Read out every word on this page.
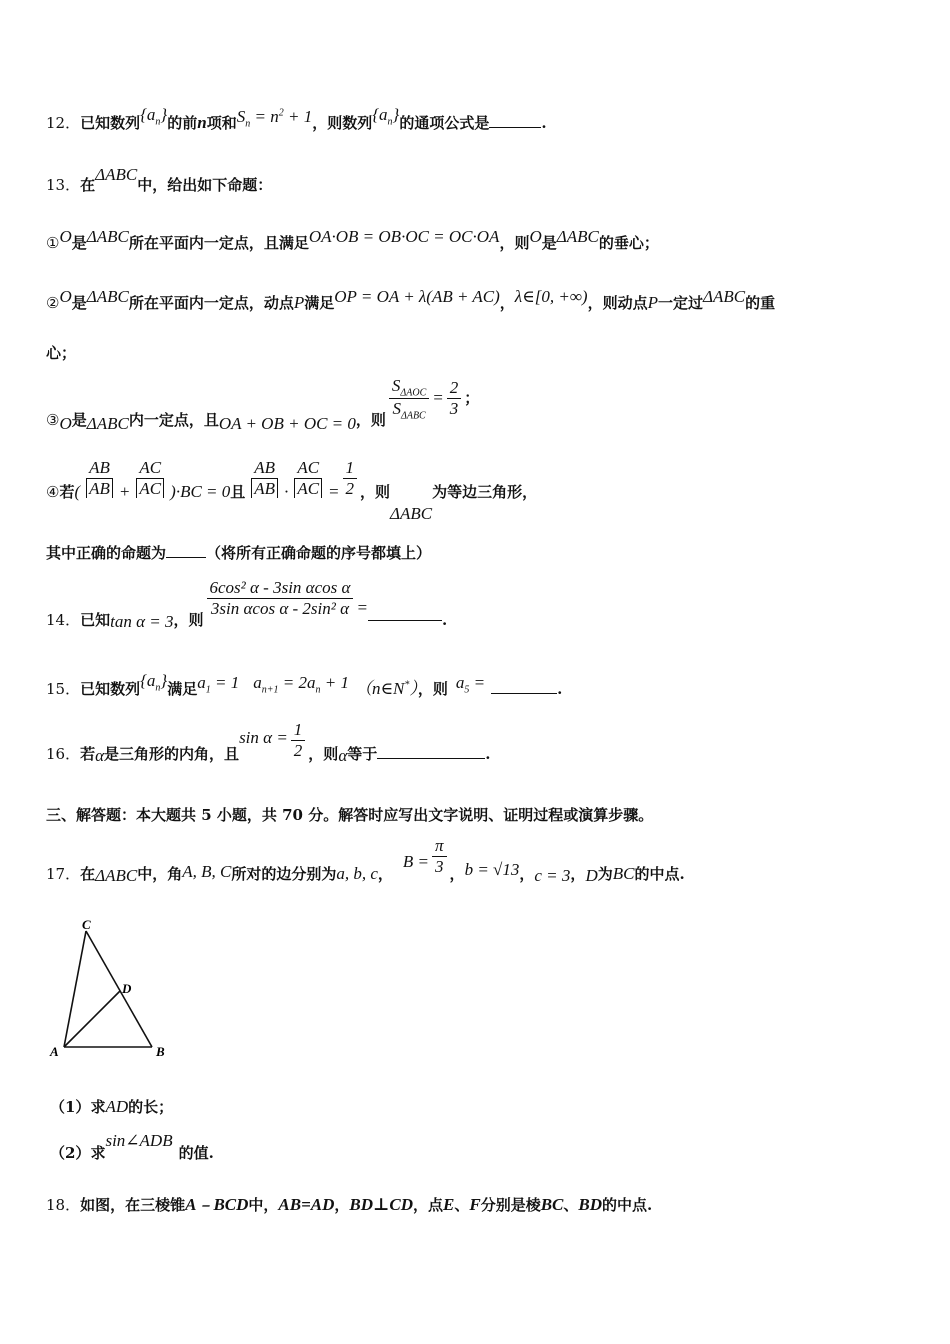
12．已知数列$\{a_n\}$的前n项和$S_n = n^2 + 1$，则数列$\{a_n\}$的通项公式是	.
13．在ΔABC中，给出如下命题：
①O是ΔABC所在平面内一定点，且满足OA·OB = OB·OC = OC·OA，则O是ΔABC的垂心；
②O是ΔABC所在平面内一定点，动点P满足OP = OA + λ(AB + AC)，λ∈[0, +∞)，则动点P一定过ΔABC的重
心；
③O是ΔABC内一定点，且OA + OB + OC = 0，则 $\frac{S_{\Delta AOC}}{S_{\Delta ABC}} = \frac{2}{3}$ ；
④若( $\frac{AB}{AB} + \frac{AC}{AC} )\cdot BC = 0$且 $\frac{AB}{AB} \cdot \frac{AC}{AC} = \frac{1}{2}$ ，则ΔABC为等边三角形，
其中正确的命题为	（将所有正确命题的序号都填上）
14．已知tan α = 3，则
$\frac{\text{6cos² α - 3sin αcos α}}{\text{3sin αcos α - 2sin² α}}$ =.
15．已知数列$\{a_n\}$满足$a_1 = 1$ $a_{n+1} = 2a_n + 1$ （n∈N*），则 $a_5$ =	.
16．若α是三角形的内角，且$\sin \alpha = \frac{1}{2}$ ，则α等于	.
三、解答题：本大题共 5 小题，共 70 分。解答时应写出文字说明、证明过程或演算步骤。
17．在ΔABC中，角A, B, C所对的边分别为a, b, c，$B = \frac{\pi}{3}$ ，b = √13，c = 3，D为BC的中点.
C
D
A	B
（1）求AD的长；
（2）求sin∠ADB的值.
18．如图，在三棱锥A﹣BCD中，AB=AD，BD⊥CD，点E、F分别是棱BC、BD的中点.
